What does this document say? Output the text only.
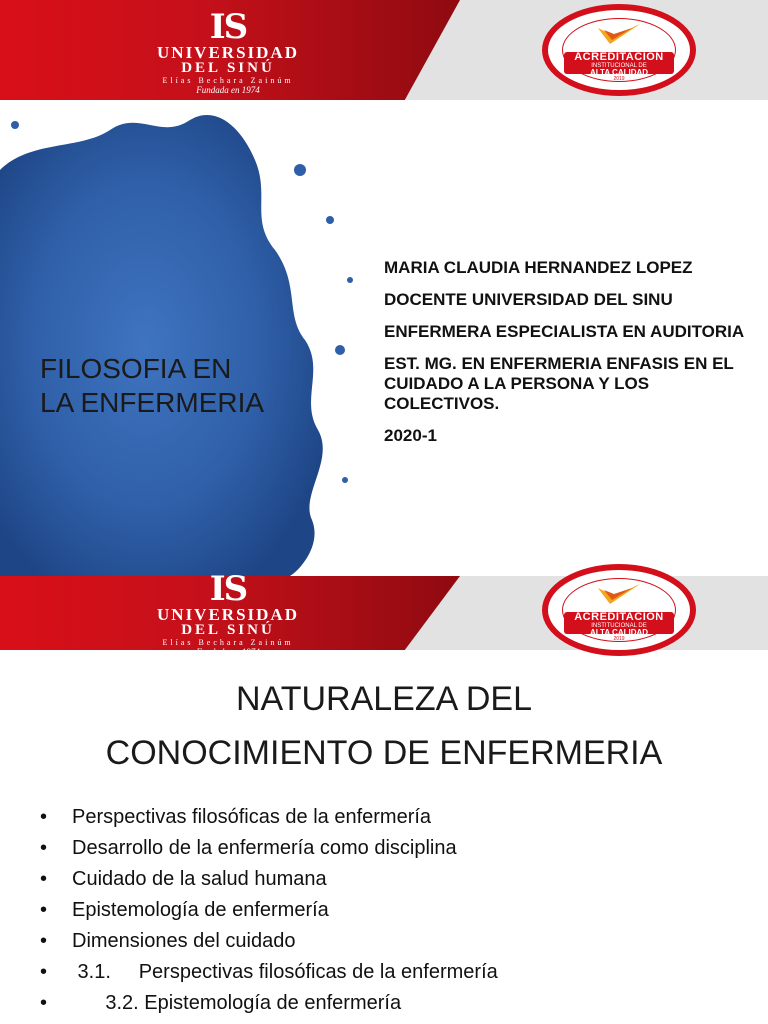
IS
UNIVERSIDAD
DEL SINÚ
Elías Bechara Zainúm
Fundada en 1974
ACREDITACIÓN
INSTITUCIONAL DE
ALTA CALIDAD
2019
FILOSOFIA EN
LA ENFERMERIA
MARIA CLAUDIA HERNANDEZ LOPEZ
DOCENTE UNIVERSIDAD DEL SINU
ENFERMERA ESPECIALISTA EN AUDITORIA
EST. MG. EN ENFERMERIA ENFASIS EN EL CUIDADO A LA PERSONA Y LOS COLECTIVOS.
2020-1
IS
UNIVERSIDAD
DEL SINÚ
Elías Bechara Zainúm
Fundada en 1974
ACREDITACIÓN
INSTITUCIONAL DE
ALTA CALIDAD
2019
NATURALEZA DEL
CONOCIMIENTO DE ENFERMERIA
• Perspectivas filosóficas de la enfermería
• Desarrollo de la enfermería como disciplina
• Cuidado de la salud humana
• Epistemología de enfermería
• Dimensiones del cuidado
• 3.1.     Perspectivas filosóficas de la enfermería
• 3.2. Epistemología de enfermería
